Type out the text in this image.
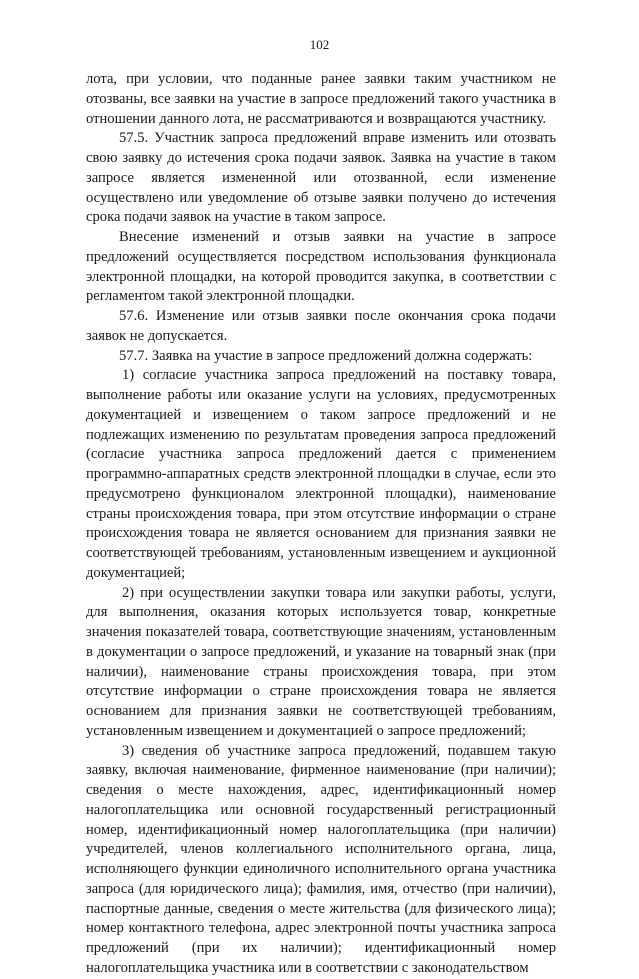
102

лота, при условии, что поданные ранее заявки таким участником не отозваны, все заявки на участие в запросе предложений такого участника в отношении данного лота, не рассматриваются и возвращаются участнику.

57.5. Участник запроса предложений вправе изменить или отозвать свою заявку до истечения срока подачи заявок. Заявка на участие в таком запросе является измененной или отозванной, если изменение осуществлено или уведомление об отзыве заявки получено до истечения срока подачи заявок на участие в таком запросе.

Внесение изменений и отзыв заявки на участие в запросе предложений осуществляется посредством использования функционала электронной площадки, на которой проводится закупка, в соответствии с регламентом такой электронной площадки.

57.6. Изменение или отзыв заявки после окончания срока подачи заявок не допускается.

57.7. Заявка на участие в запросе предложений должна содержать:

1) согласие участника запроса предложений на поставку товара, выполнение работы или оказание услуги на условиях, предусмотренных документацией и извещением о таком запросе предложений и не подлежащих изменению по результатам проведения запроса предложений (согласие участника запроса предложений дается с применением программно-аппаратных средств электронной площадки в случае, если это предусмотрено функционалом электронной площадки), наименование страны происхождения товара, при этом отсутствие информации о стране происхождения товара не является основанием для признания заявки не соответствующей требованиям, установленным извещением и аукционной документацией;

2) при осуществлении закупки товара или закупки работы, услуги, для выполнения, оказания которых используется товар, конкретные значения показателей товара, соответствующие значениям, установленным в документации о запросе предложений, и указание на товарный знак (при наличии), наименование страны происхождения товара, при этом отсутствие информации о стране происхождения товара не является основанием для признания заявки не соответствующей требованиям, установленным извещением и документацией о запросе предложений;

3) сведения об участнике запроса предложений, подавшем такую заявку, включая наименование, фирменное наименование (при наличии); сведения о месте нахождения, адрес, идентификационный номер налогоплательщика или основной государственный регистрационный номер, идентификационный номер налогоплательщика (при наличии) учредителей, членов коллегиального исполнительного органа, лица, исполняющего функции единоличного исполнительного органа участника запроса (для юридического лица); фамилия, имя, отчество (при наличии), паспортные данные, сведения о месте жительства (для физического лица); номер контактного телефона, адрес электронной почты участника запроса предложений (при их наличии); идентификационный номер налогоплательщика участника или в соответствии с законодательством
